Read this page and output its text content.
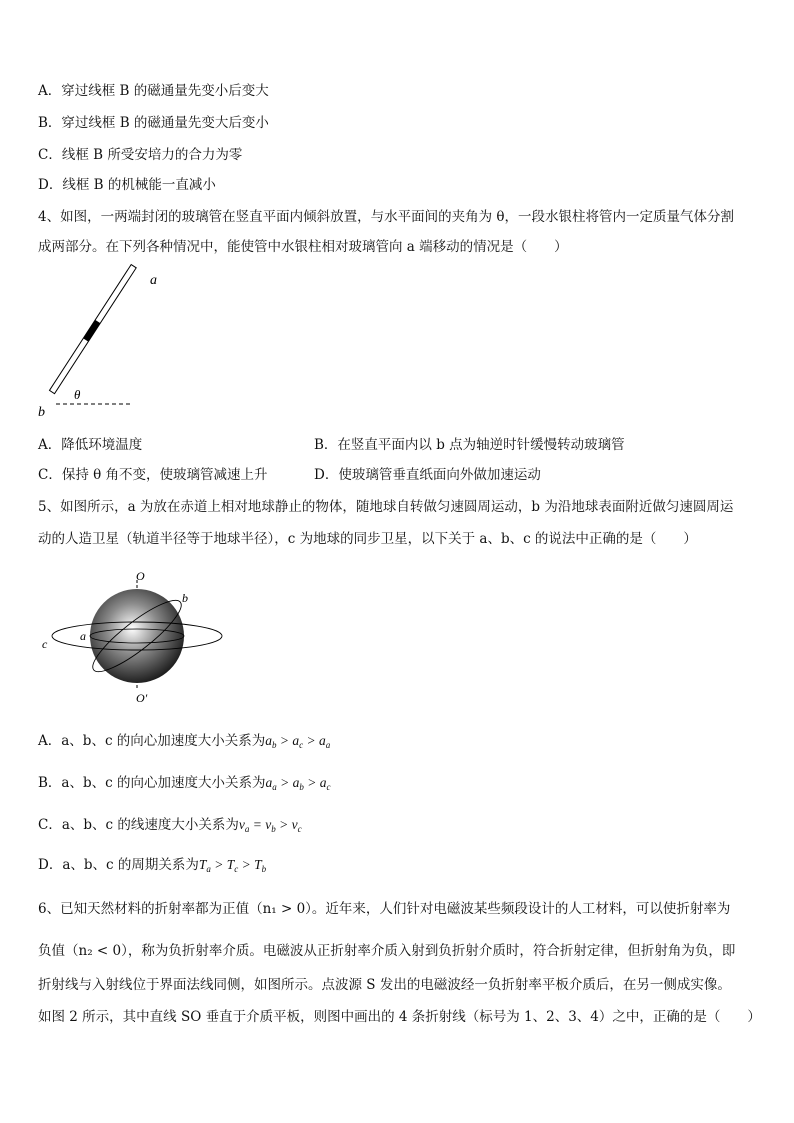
A．穿过线框 B 的磁通量先变小后变大
B．穿过线框 B 的磁通量先变大后变小
C．线框 B 所受安培力的合力为零
D．线框 B 的机械能一直减小
4、如图，一两端封闭的玻璃管在竖直平面内倾斜放置，与水平面间的夹角为 θ，一段水银柱将管内一定质量气体分割
成两部分。在下列各种情况中，能使管中水银柱相对玻璃管向 a 端移动的情况是（　　）
a
b
θ
A．降低环境温度	B．在竖直平面内以 b 点为轴逆时针缓慢转动玻璃管
C．保持 θ 角不变，使玻璃管减速上升	D．使玻璃管垂直纸面向外做加速运动
5、如图所示，a 为放在赤道上相对地球静止的物体，随地球自转做匀速圆周运动，b 为沿地球表面附近做匀速圆周运
动的人造卫星（轨道半径等于地球半径），c 为地球的同步卫星，以下关于 a、b、c 的说法中正确的是（　　）
O
O′
a
b
c
A．a、b、c 的向心加速度大小关系为$a_b > a_c > a_a$
B．a、b、c 的向心加速度大小关系为$a_a > a_b > a_c$
C．a、b、c 的线速度大小关系为$v_a = v_b > v_c$
D．a、b、c 的周期关系为$T_a > T_c > T_b$
6、已知天然材料的折射率都为正值（n₁ > 0）。近年来，人们针对电磁波某些频段设计的人工材料，可以使折射率为
负值（n₂ < 0），称为负折射率介质。电磁波从正折射率介质入射到负折射介质时，符合折射定律，但折射角为负，即
折射线与入射线位于界面法线同侧，如图所示。点波源 S 发出的电磁波经一负折射率平板介质后，在另一侧成实像。
如图 2 所示，其中直线 SO 垂直于介质平板，则图中画出的 4 条折射线（标号为 1、2、3、4）之中，正确的是（　　）
